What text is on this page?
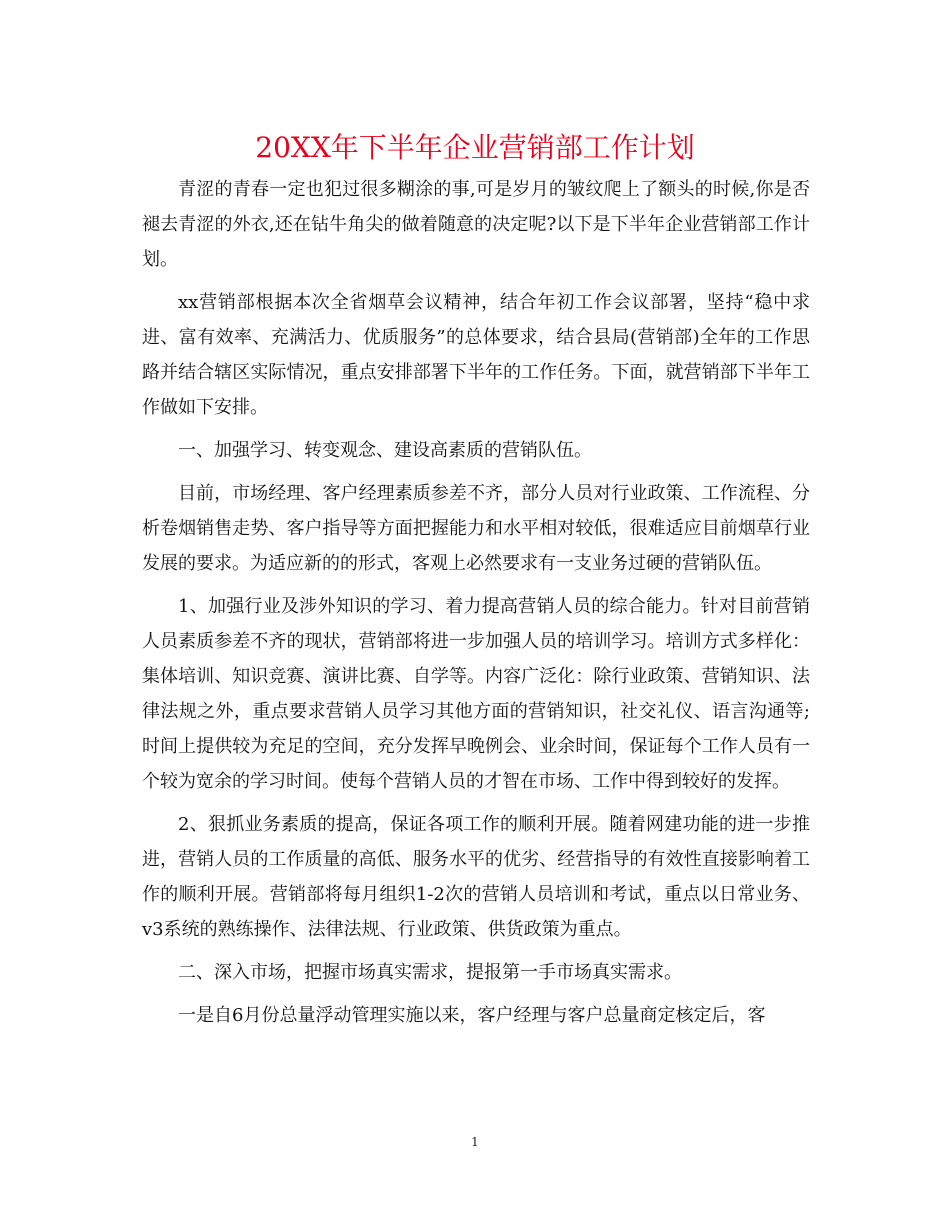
20XX年下半年企业营销部工作计划

青涩的青春一定也犯过很多糊涂的事,可是岁月的皱纹爬上了额头的时候,你是否褪去青涩的外衣,还在钻牛角尖的做着随意的决定呢?以下是下半年企业营销部工作计划。

xx营销部根据本次全省烟草会议精神，结合年初工作会议部署，坚持“稳中求进、富有效率、充满活力、优质服务”的总体要求，结合县局(营销部)全年的工作思路并结合辖区实际情况，重点安排部署下半年的工作任务。下面，就营销部下半年工作做如下安排。

一、加强学习、转变观念、建设高素质的营销队伍。

目前，市场经理、客户经理素质参差不齐，部分人员对行业政策、工作流程、分析卷烟销售走势、客户指导等方面把握能力和水平相对较低，很难适应目前烟草行业发展的要求。为适应新的的形式，客观上必然要求有一支业务过硬的营销队伍。

1、加强行业及涉外知识的学习、着力提高营销人员的综合能力。针对目前营销人员素质参差不齐的现状，营销部将进一步加强人员的培训学习。培训方式多样化：集体培训、知识竞赛、演讲比赛、自学等。内容广泛化：除行业政策、营销知识、法律法规之外，重点要求营销人员学习其他方面的营销知识，社交礼仪、语言沟通等;时间上提供较为充足的空间，充分发挥早晚例会、业余时间，保证每个工作人员有一个较为宽余的学习时间。使每个营销人员的才智在市场、工作中得到较好的发挥。

2、狠抓业务素质的提高，保证各项工作的顺利开展。随着网建功能的进一步推进，营销人员的工作质量的高低、服务水平的优劣、经营指导的有效性直接影响着工作的顺利开展。营销部将每月组织1-2次的营销人员培训和考试，重点以日常业务、v3系统的熟练操作、法律法规、行业政策、供货政策为重点。

二、深入市场，把握市场真实需求，提报第一手市场真实需求。

一是自6月份总量浮动管理实施以来，客户经理与客户总量商定核定后，客

1
